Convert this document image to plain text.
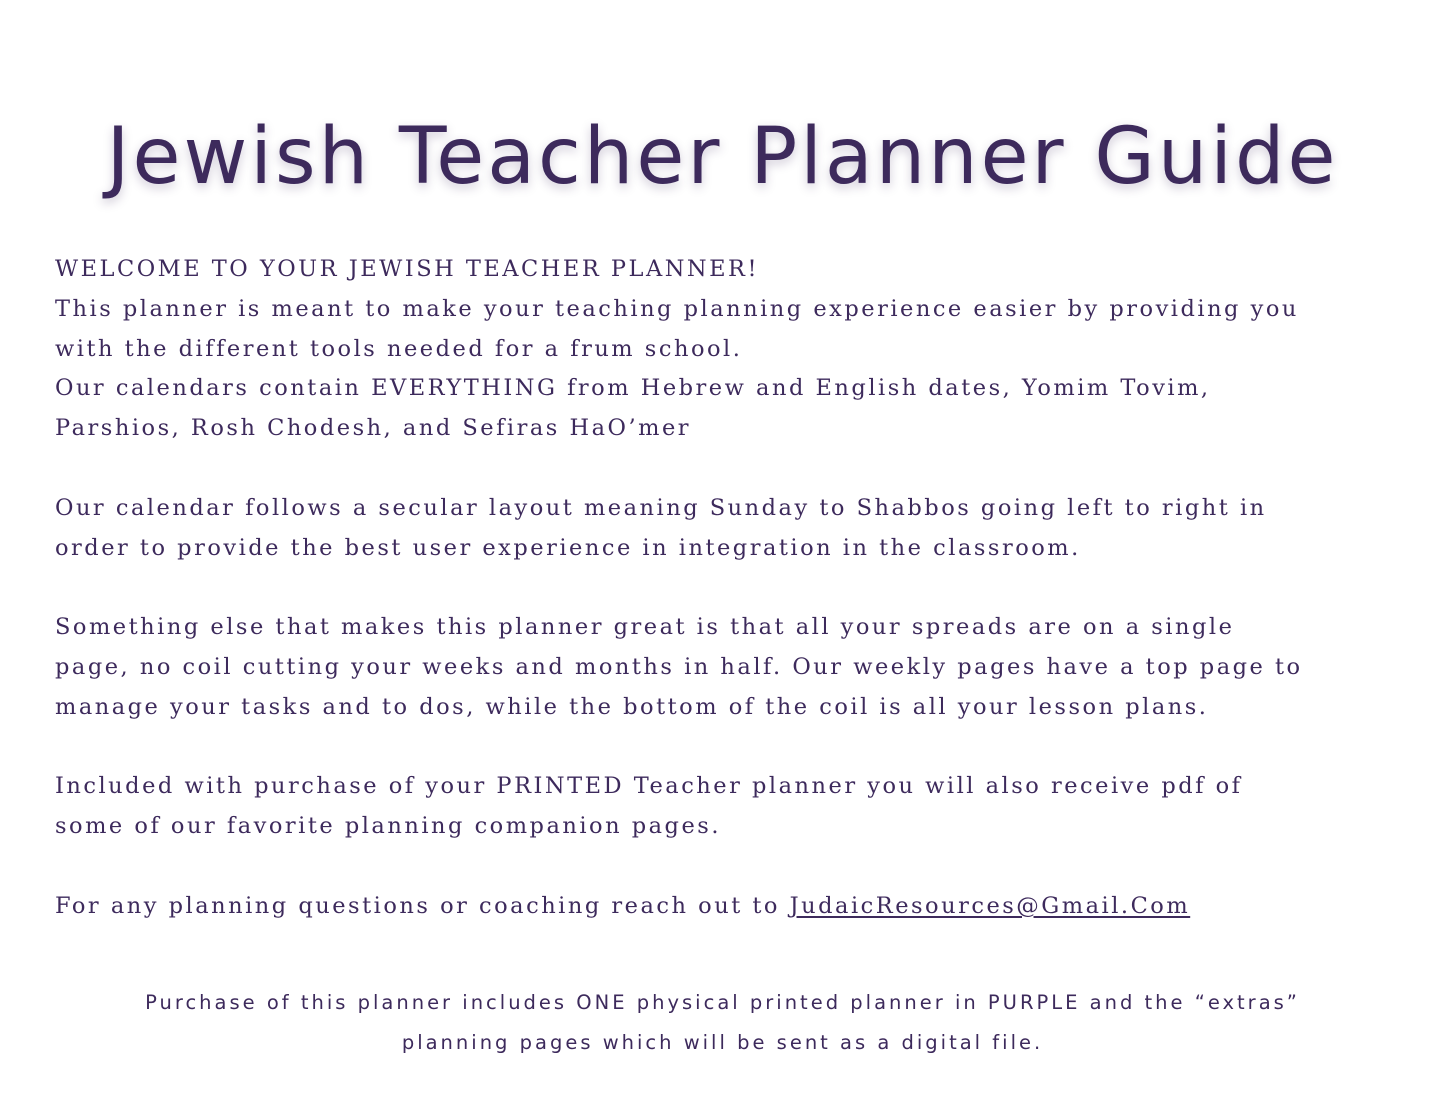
Jewish Teacher Planner Guide
WELCOME TO YOUR JEWISH TEACHER PLANNER!
This planner is meant to make your teaching planning experience easier by providing you
with the different tools needed for a frum school.
Our calendars contain EVERYTHING from Hebrew and English dates, Yomim Tovim,
Parshios, Rosh Chodesh, and Sefiras HaO’mer
Our calendar follows a secular layout meaning Sunday to Shabbos going left to right in
order to provide the best user experience in integration in the classroom.
Something else that makes this planner great is that all your spreads are on a single
page, no coil cutting your weeks and months in half. Our weekly pages have a top page to
manage your tasks and to dos, while the bottom of the coil is all your lesson plans.
Included with purchase of your PRINTED Teacher planner you will also receive pdf of
some of our favorite planning companion pages.
For any planning questions or coaching reach out to JudaicResources@Gmail.Com
Purchase of this planner includes ONE physical printed planner in PURPLE and the “extras”
planning pages which will be sent as a digital file.
